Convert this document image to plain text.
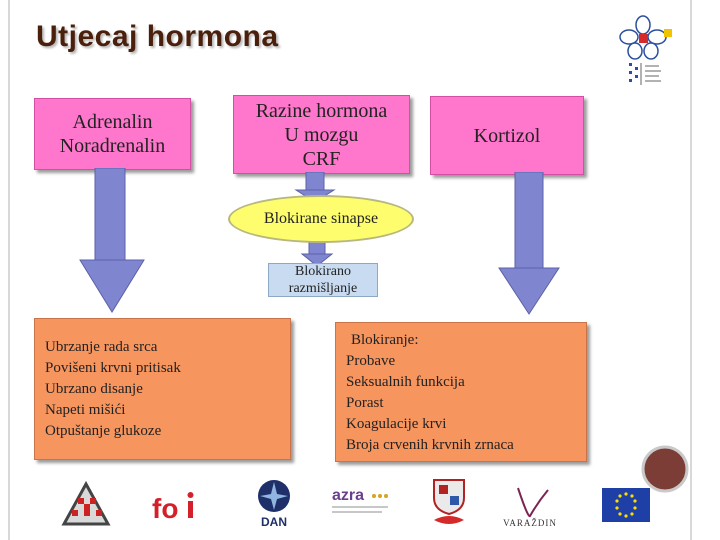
Utjecaj hormona
Adrenalin
Noradrenalin
Razine hormona
U mozgu
CRF
Kortizol
Blokirane sinapse
Blokirano
razmišljanje
Ubrzanje rada srca
Povišeni krvni pritisak
Ubrzano disanje
Napeti mišići
Otpuštanje glukoze
Blokiranje:
Probave
Seksualnih funkcija
Porast
Koagulacije krvi
Broja crvenih krvnih zrnaca
fo	DAN
azra
VARAŽDIN
